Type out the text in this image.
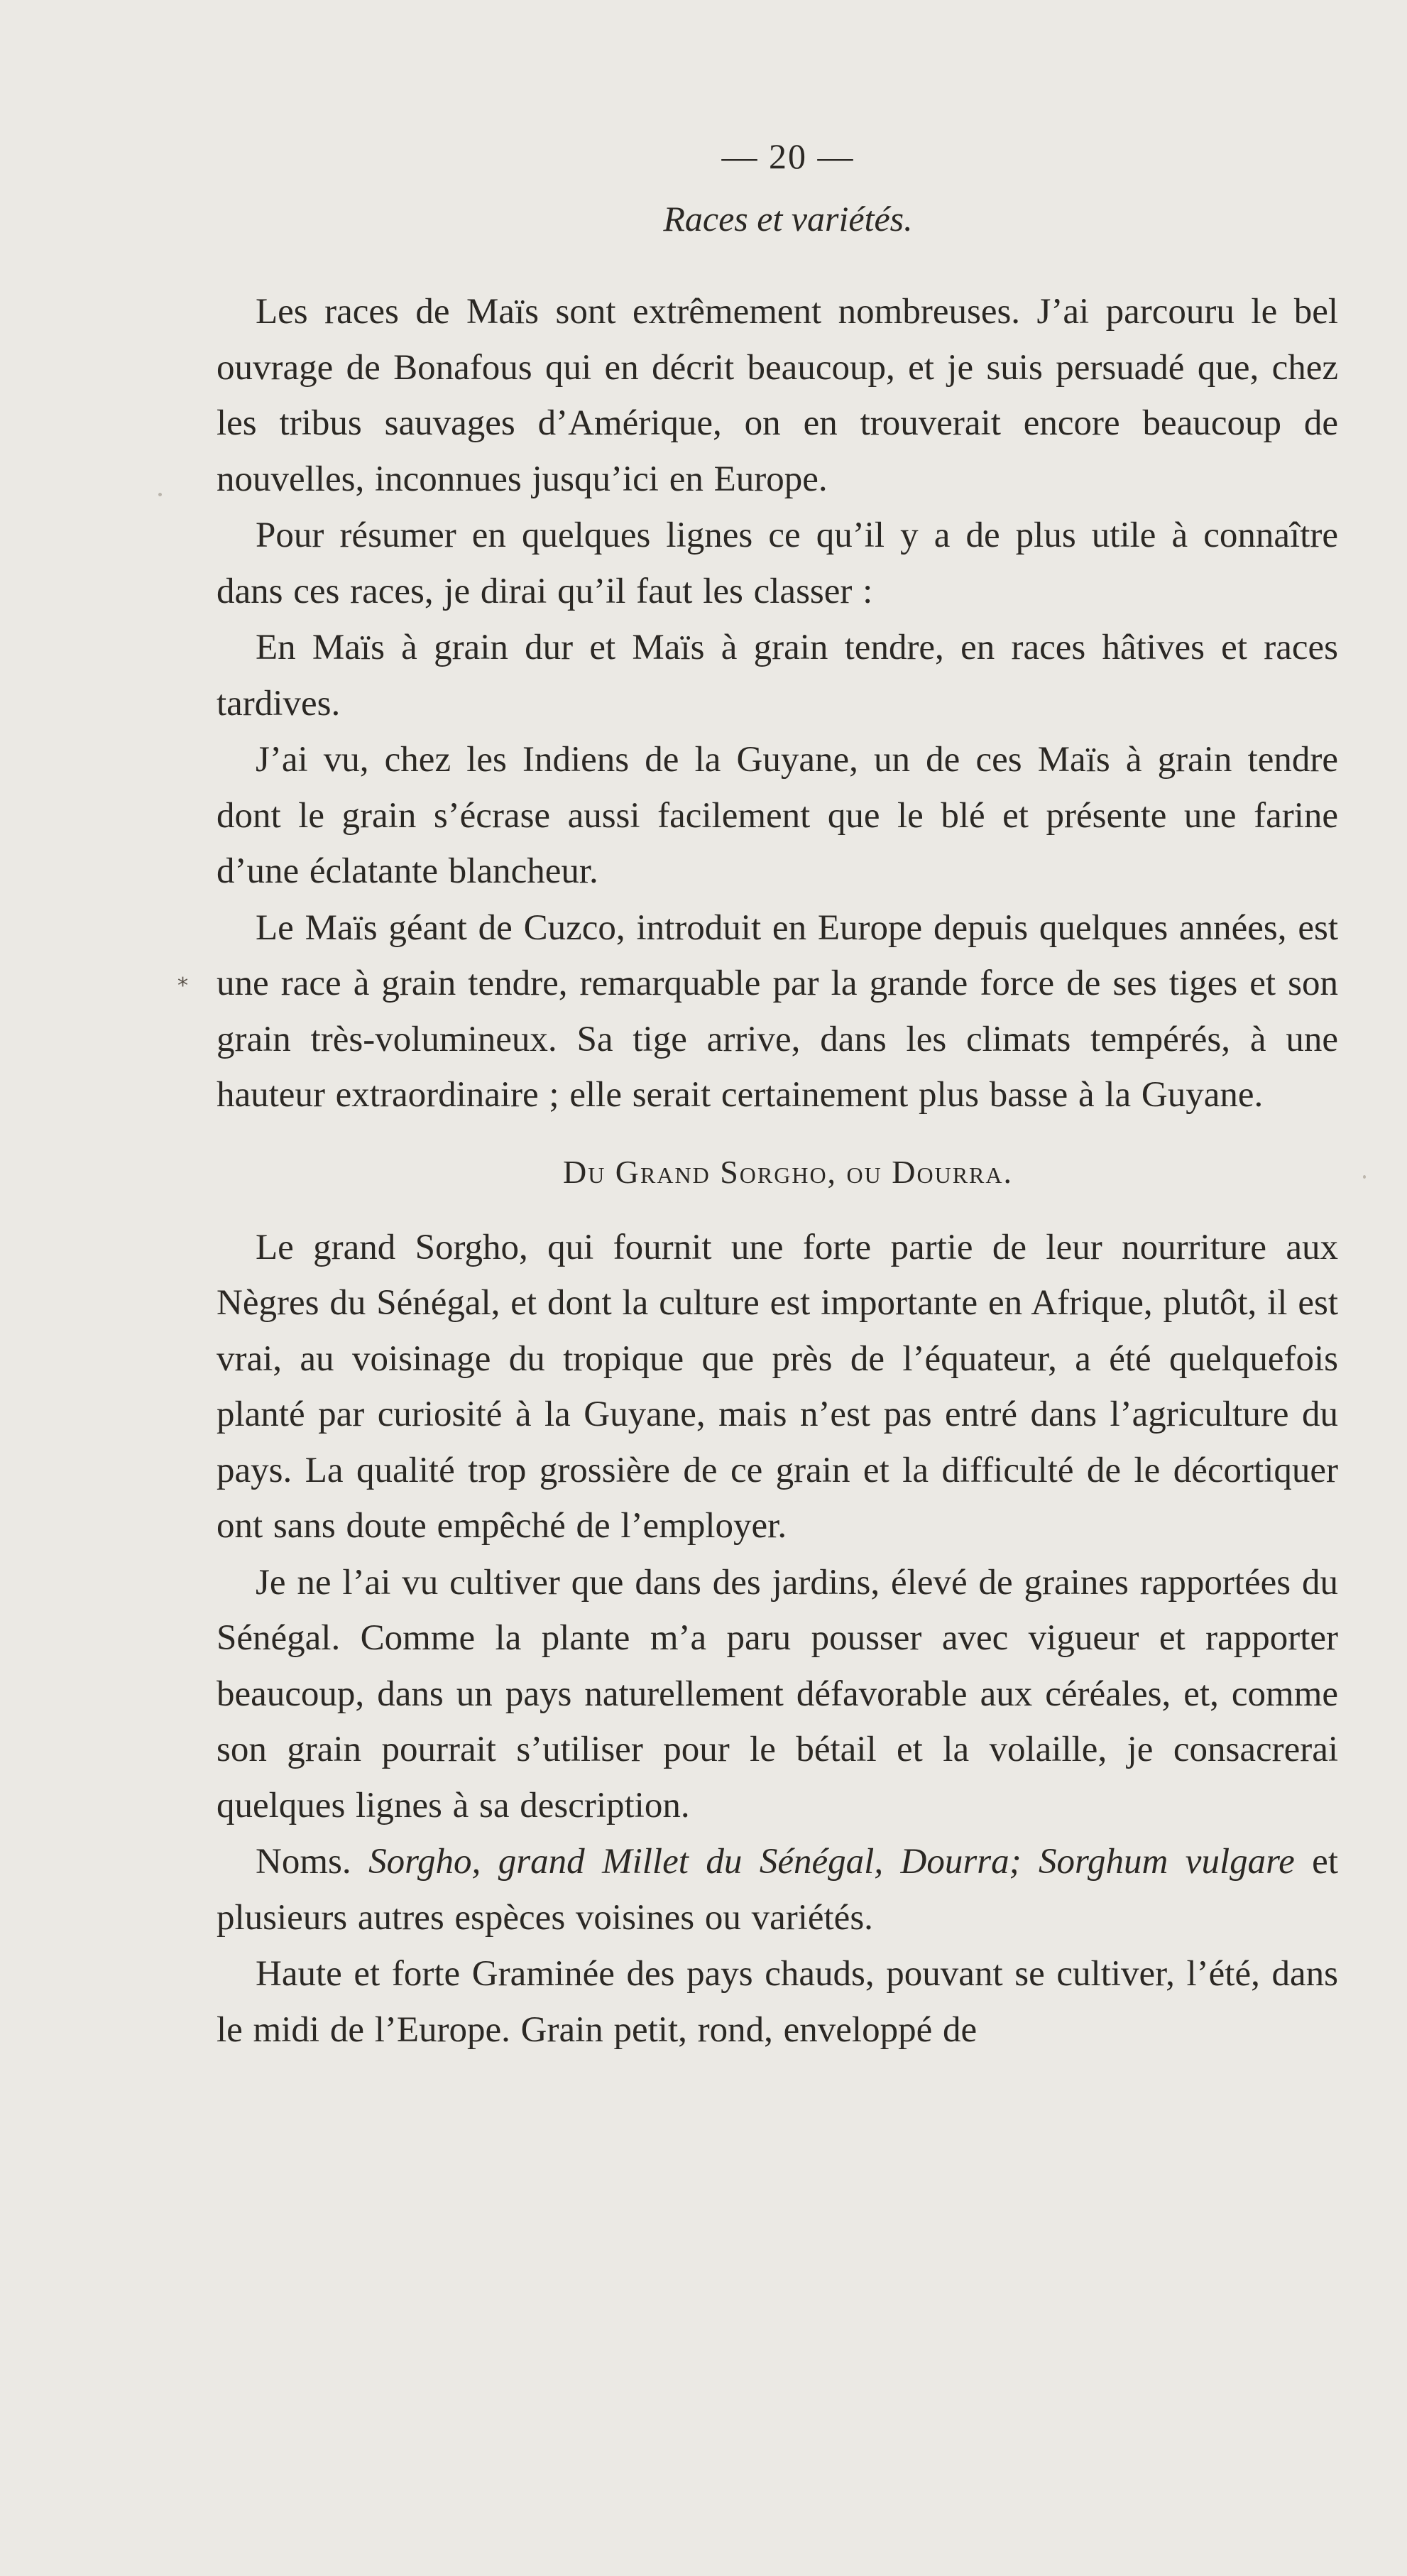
*
— 20 —
Races et variétés.

Les races de Maïs sont extrêmement nombreuses. J’ai parcouru le bel ouvrage de Bonafous qui en décrit beaucoup, et je suis persuadé que, chez les tribus sauvages d’Amérique, on en trouverait encore beaucoup de nouvelles, inconnues jusqu’ici en Europe.

Pour résumer en quelques lignes ce qu’il y a de plus utile à connaître dans ces races, je dirai qu’il faut les classer :

En Maïs à grain dur et Maïs à grain tendre, en races hâtives et races tardives.

J’ai vu, chez les Indiens de la Guyane, un de ces Maïs à grain tendre dont le grain s’écrase aussi facilement que le blé et présente une farine d’une éclatante blancheur.

Le Maïs géant de Cuzco, introduit en Europe depuis quelques années, est une race à grain tendre, remarquable par la grande force de ses tiges et son grain très-volumineux. Sa tige arrive, dans les climats tempérés, à une hauteur extraordinaire ; elle serait certainement plus basse à la Guyane.

Du Grand Sorgho, ou Dourra.

Le grand Sorgho, qui fournit une forte partie de leur nourriture aux Nègres du Sénégal, et dont la culture est importante en Afrique, plutôt, il est vrai, au voisinage du tropique que près de l’équateur, a été quelquefois planté par curiosité à la Guyane, mais n’est pas entré dans l’agriculture du pays. La qualité trop grossière de ce grain et la difficulté de le décortiquer ont sans doute empêché de l’employer.

Je ne l’ai vu cultiver que dans des jardins, élevé de graines rapportées du Sénégal. Comme la plante m’a paru pousser avec vigueur et rapporter beaucoup, dans un pays naturellement défavorable aux céréales, et, comme son grain pourrait s’utiliser pour le bétail et la volaille, je consacrerai quelques lignes à sa description.

Noms. Sorgho, grand Millet du Sénégal, Dourra; Sorghum vulgare et plusieurs autres espèces voisines ou variétés.

Haute et forte Graminée des pays chauds, pouvant se cultiver, l’été, dans le midi de l’Europe. Grain petit, rond, enveloppé de
